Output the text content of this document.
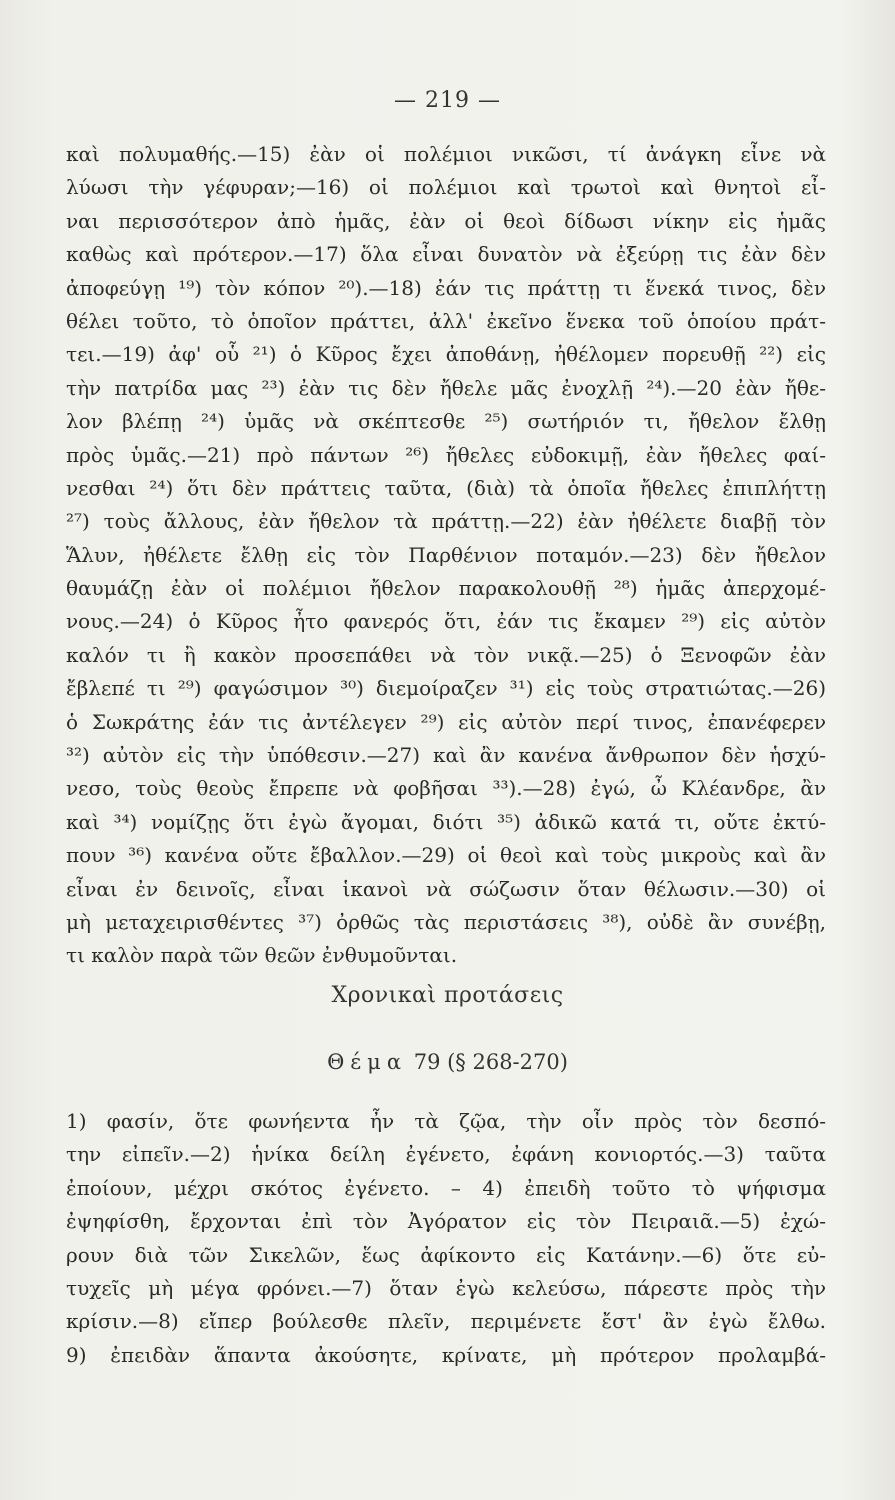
— 219 —
καὶ πολυμαθής.—15) ἐὰν οἱ πολέμιοι νικῶσι, τί ἀνάγκη εἶνε νὰ
λύωσι τὴν γέφυραν;—16) οἱ πολέμιοι καὶ τρωτοὶ καὶ θνητοὶ εἶ-
ναι περισσότερον ἀπὸ ἡμᾶς, ἐὰν οἱ θεοὶ δίδωσι νίκην εἰς ἡμᾶς
καθὼς καὶ πρότερον.—17) ὅλα εἶναι δυνατὸν νὰ ἐξεύρῃ τις ἐὰν δὲν
ἀποφεύγῃ ¹⁹) τὸν κόπον ²⁰).—18) ἐάν τις πράττῃ τι ἕνεκά τινος, δὲν
θέλει τοῦτο, τὸ ὁποῖον πράττει, ἀλλ' ἐκεῖνο ἕνεκα τοῦ ὁποίου πράτ-
τει.—19) ἀφ' οὗ ²¹) ὁ Κῦρος ἔχει ἀποθάνῃ, ἠθέλομεν πορευθῇ ²²) εἰς
τὴν πατρίδα μας ²³) ἐὰν τις δὲν ἤθελε μᾶς ἐνοχλῇ ²⁴).—20 ἐὰν ἤθε-
λον βλέπῃ ²⁴) ὑμᾶς νὰ σκέπτεσθε ²⁵) σωτήριόν τι, ἤθελον ἔλθῃ
πρὸς ὑμᾶς.—21) πρὸ πάντων ²⁶) ἤθελες εὐδοκιμῇ, ἐὰν ἤθελες φαί-
νεσθαι ²⁴) ὅτι δὲν πράττεις ταῦτα, (διὰ) τὰ ὁποῖα ἤθελες ἐπιπλήττῃ
²⁷) τοὺς ἄλλους, ἐὰν ἤθελον τὰ πράττῃ.—22) ἐὰν ἠθέλετε διαβῇ τὸν
Ἅλυν, ἠθέλετε ἔλθῃ εἰς τὸν Παρθένιον ποταμόν.—23) δὲν ἤθελον
θαυμάζῃ ἐὰν οἱ πολέμιοι ἤθελον παρακολουθῇ ²⁸) ἡμᾶς ἀπερχομέ-
νους.—24) ὁ Κῦρος ἦτο φανερός ὅτι, ἐάν τις ἔκαμεν ²⁹) εἰς αὐτὸν
καλόν τι ἢ κακὸν προσεπάθει νὰ τὸν νικᾷ.—25) ὁ Ξενοφῶν ἐὰν
ἔβλεπέ τι ²⁹) φαγώσιμον ³⁰) διεμοίραζεν ³¹) εἰς τοὺς στρατιώτας.—26)
ὁ Σωκράτης ἐάν τις ἀντέλεγεν ²⁹) εἰς αὐτὸν περί τινος, ἐπανέφερεν
³²) αὐτὸν εἰς τὴν ὑπόθεσιν.—27) καὶ ἂν κανένα ἄνθρωπον δὲν ἡσχύ-
νεσο, τοὺς θεοὺς ἔπρεπε νὰ φοβῆσαι ³³).—28) ἐγώ, ὦ Κλέανδρε, ἂν
καὶ ³⁴) νομίζῃς ὅτι ἐγὼ ἄγομαι, διότι ³⁵) ἀδικῶ κατά τι, οὔτε ἐκτύ-
πουν ³⁶) κανένα οὔτε ἔβαλλον.—29) οἱ θεοὶ καὶ τοὺς μικροὺς καὶ ἂν
εἶναι ἐν δεινοῖς, εἶναι ἱκανοὶ νὰ σώζωσιν ὅταν θέλωσιν.—30) οἱ
μὴ μεταχειρισθέντες ³⁷) ὀρθῶς τὰς περιστάσεις ³⁸), οὐδὲ ἂν συνέβῃ,
τι καλὸν παρὰ τῶν θεῶν ἐνθυμοῦνται.
Χρονικαὶ προτάσεις
Θέμα 79 (§ 268-270)
1) φασίν, ὅτε φωνήεντα ἦν τὰ ζῷα, τὴν οἶν πρὸς τὸν δεσπό-
την εἰπεῖν.—2) ἡνίκα δείλη ἐγένετο, ἐφάνη κονιορτός.—3) ταῦτα
ἐποίουν, μέχρι σκότος ἐγένετο. – 4) ἐπειδὴ τοῦτο τὸ ψήφισμα
ἐψηφίσθη, ἔρχονται ἐπὶ τὸν Ἀγόρατον εἰς τὸν Πειραιᾶ.—5) ἐχώ-
ρουν διὰ τῶν Σικελῶν, ἕως ἀφίκοντο εἰς Κατάνην.—6) ὅτε εὐ-
τυχεῖς μὴ μέγα φρόνει.—7) ὅταν ἐγὼ κελεύσω, πάρεστε πρὸς τὴν
κρίσιν.—8) εἴπερ βούλεσθε πλεῖν, περιμένετε ἔστ' ἂν ἐγὼ ἔλθω.
9) ἐπειδὰν ἅπαντα ἀκούσητε, κρίνατε, μὴ πρότερον προλαμβά-
